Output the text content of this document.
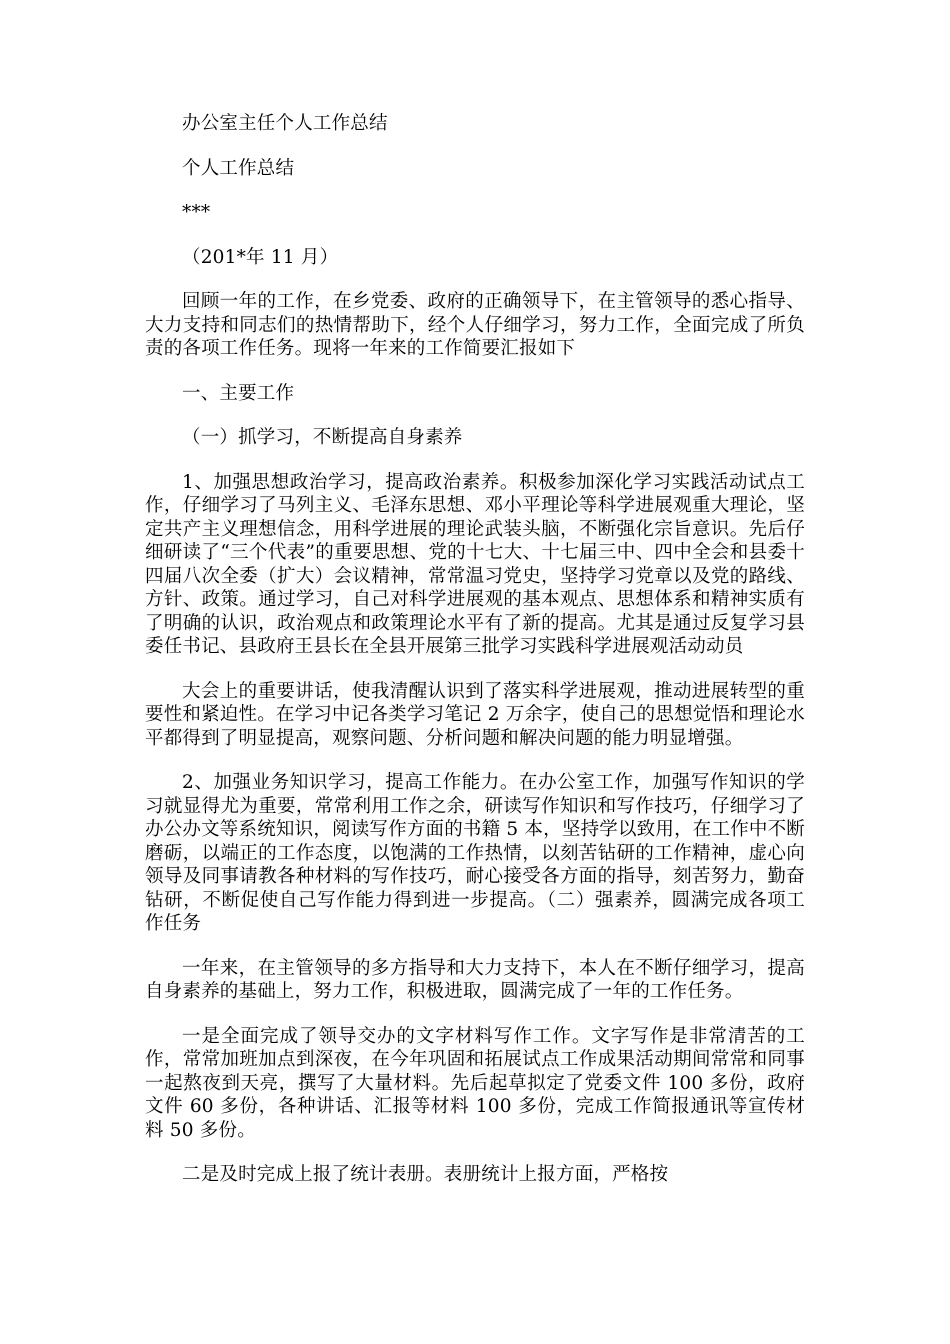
办公室主任个人工作总结
个人工作总结
***
（201*年 11 月）

回顾一年的工作，在乡党委、政府的正确领导下，在主管领导的悉心指导、大力支持和同志们的热情帮助下，经个人仔细学习，努力工作，全面完成了所负责的各项工作任务。现将一年来的工作简要汇报如下

一、主要工作
（一）抓学习，不断提高自身素养

1、加强思想政治学习，提高政治素养。积极参加深化学习实践活动试点工作，仔细学习了马列主义、毛泽东思想、邓小平理论等科学进展观重大理论，坚定共产主义理想信念，用科学进展的理论武装头脑，不断强化宗旨意识。先后仔细研读了“三个代表”的重要思想、党的十七大、十七届三中、四中全会和县委十四届八次全委（扩大）会议精神，常常温习党史，坚持学习党章以及党的路线、方针、政策。通过学习，自己对科学进展观的基本观点、思想体系和精神实质有了明确的认识，政治观点和政策理论水平有了新的提高。尤其是通过反复学习县委任书记、县政府王县长在全县开展第三批学习实践科学进展观活动动员

大会上的重要讲话，使我清醒认识到了落实科学进展观，推动进展转型的重要性和紧迫性。在学习中记各类学习笔记 2 万余字，使自己的思想觉悟和理论水平都得到了明显提高，观察问题、分析问题和解决问题的能力明显增强。

2、加强业务知识学习，提高工作能力。在办公室工作，加强写作知识的学习就显得尤为重要，常常利用工作之余，研读写作知识和写作技巧，仔细学习了办公办文等系统知识，阅读写作方面的书籍 5 本，坚持学以致用，在工作中不断磨砺，以端正的工作态度，以饱满的工作热情，以刻苦钻研的工作精神，虚心向领导及同事请教各种材料的写作技巧，耐心接受各方面的指导，刻苦努力，勤奋钻研，不断促使自己写作能力得到进一步提高。（二）强素养，圆满完成各项工作任务

一年来，在主管领导的多方指导和大力支持下，本人在不断仔细学习，提高自身素养的基础上，努力工作，积极进取，圆满完成了一年的工作任务。

一是全面完成了领导交办的文字材料写作工作。文字写作是非常清苦的工作，常常加班加点到深夜，在今年巩固和拓展试点工作成果活动期间常常和同事一起熬夜到天亮，撰写了大量材料。先后起草拟定了党委文件 100 多份，政府文件 60 多份，各种讲话、汇报等材料 100 多份，完成工作简报通讯等宣传材料 50 多份。

二是及时完成上报了统计表册。表册统计上报方面，严格按
